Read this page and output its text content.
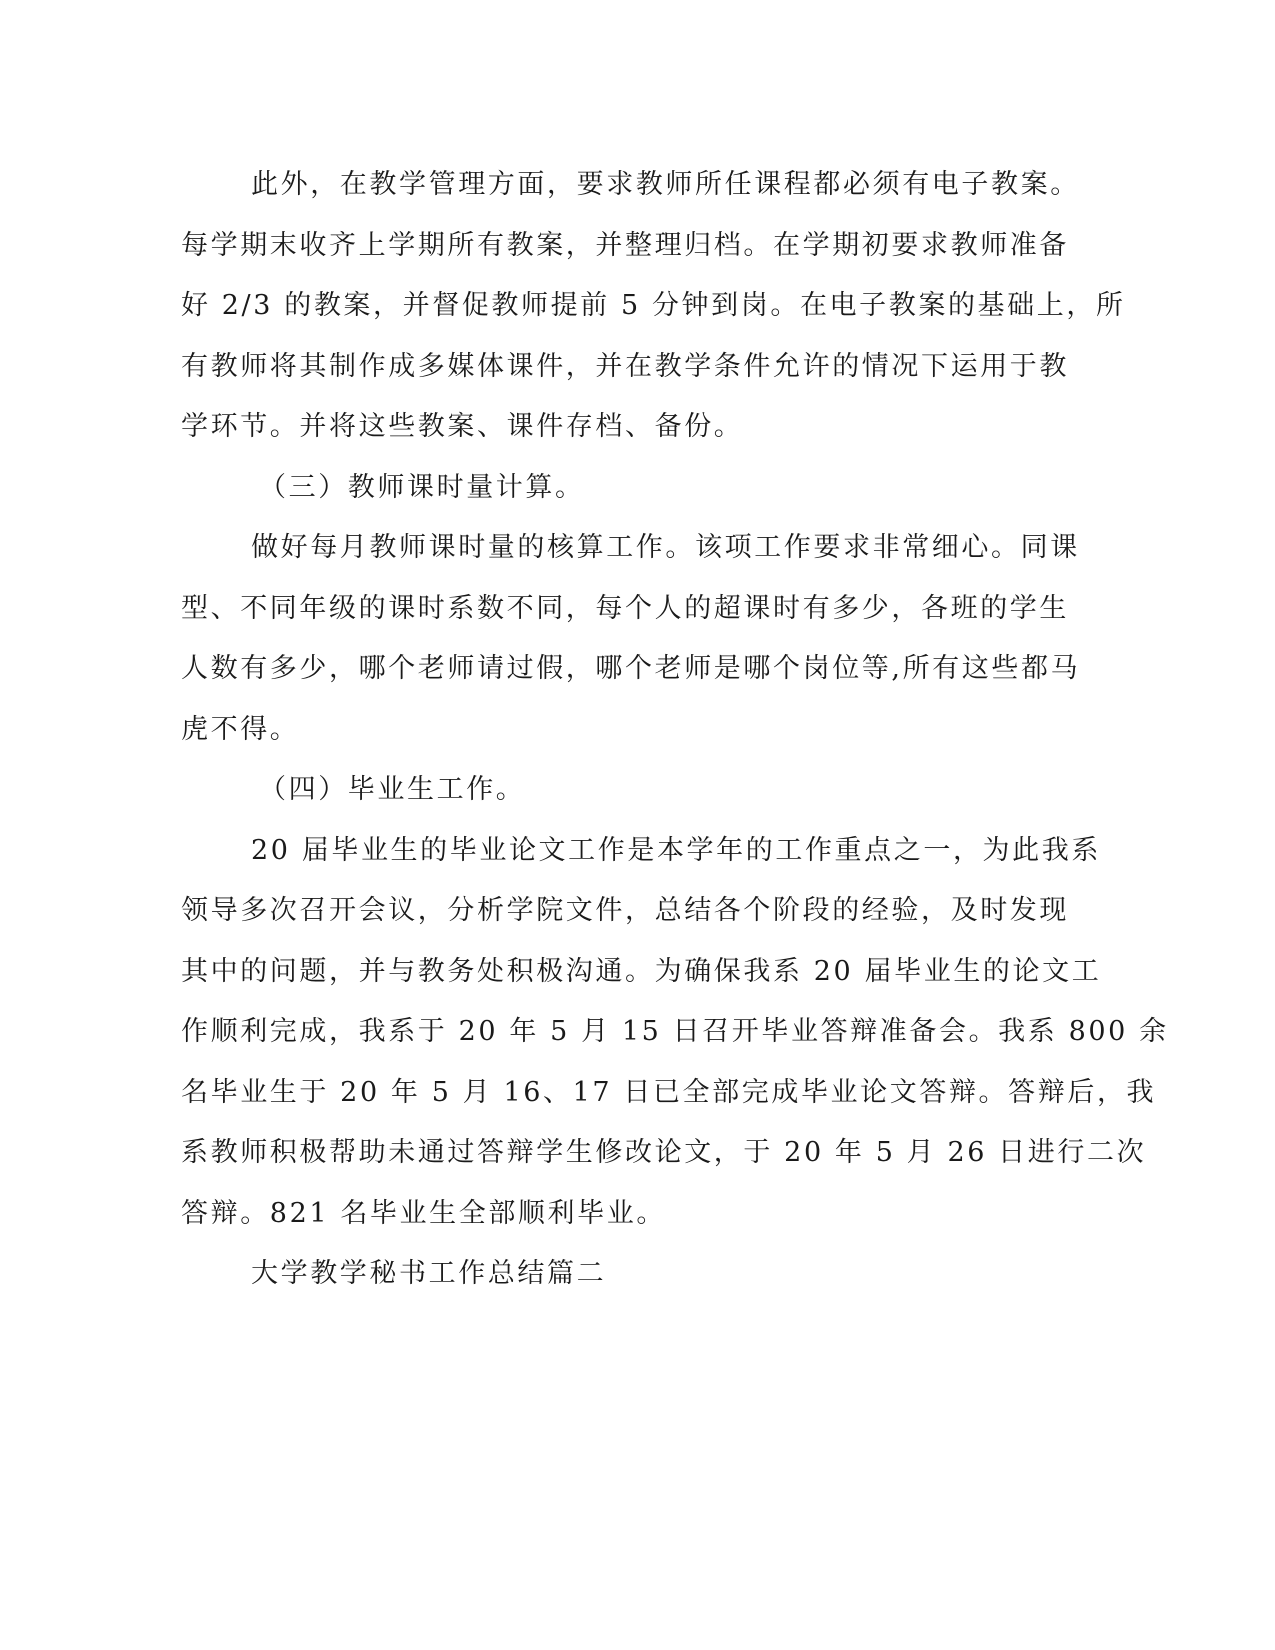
此外，在教学管理方面，要求教师所任课程都必须有电子教案。
每学期末收齐上学期所有教案，并整理归档。在学期初要求教师准备
好 2/3 的教案，并督促教师提前 5 分钟到岗。在电子教案的基础上，所
有教师将其制作成多媒体课件，并在教学条件允许的情况下运用于教
学环节。并将这些教案、课件存档、备份。
（三）教师课时量计算。
做好每月教师课时量的核算工作。该项工作要求非常细心。同课
型、不同年级的课时系数不同，每个人的超课时有多少，各班的学生
人数有多少，哪个老师请过假，哪个老师是哪个岗位等,所有这些都马
虎不得。
（四）毕业生工作。
20 届毕业生的毕业论文工作是本学年的工作重点之一，为此我系
领导多次召开会议，分析学院文件，总结各个阶段的经验，及时发现
其中的问题，并与教务处积极沟通。为确保我系 20 届毕业生的论文工
作顺利完成，我系于 20 年 5 月 15 日召开毕业答辩准备会。我系 800 余
名毕业生于 20 年 5 月 16、17 日已全部完成毕业论文答辩。答辩后，我
系教师积极帮助未通过答辩学生修改论文，于 20 年 5 月 26 日进行二次
答辩。821 名毕业生全部顺利毕业。
大学教学秘书工作总结篇二
